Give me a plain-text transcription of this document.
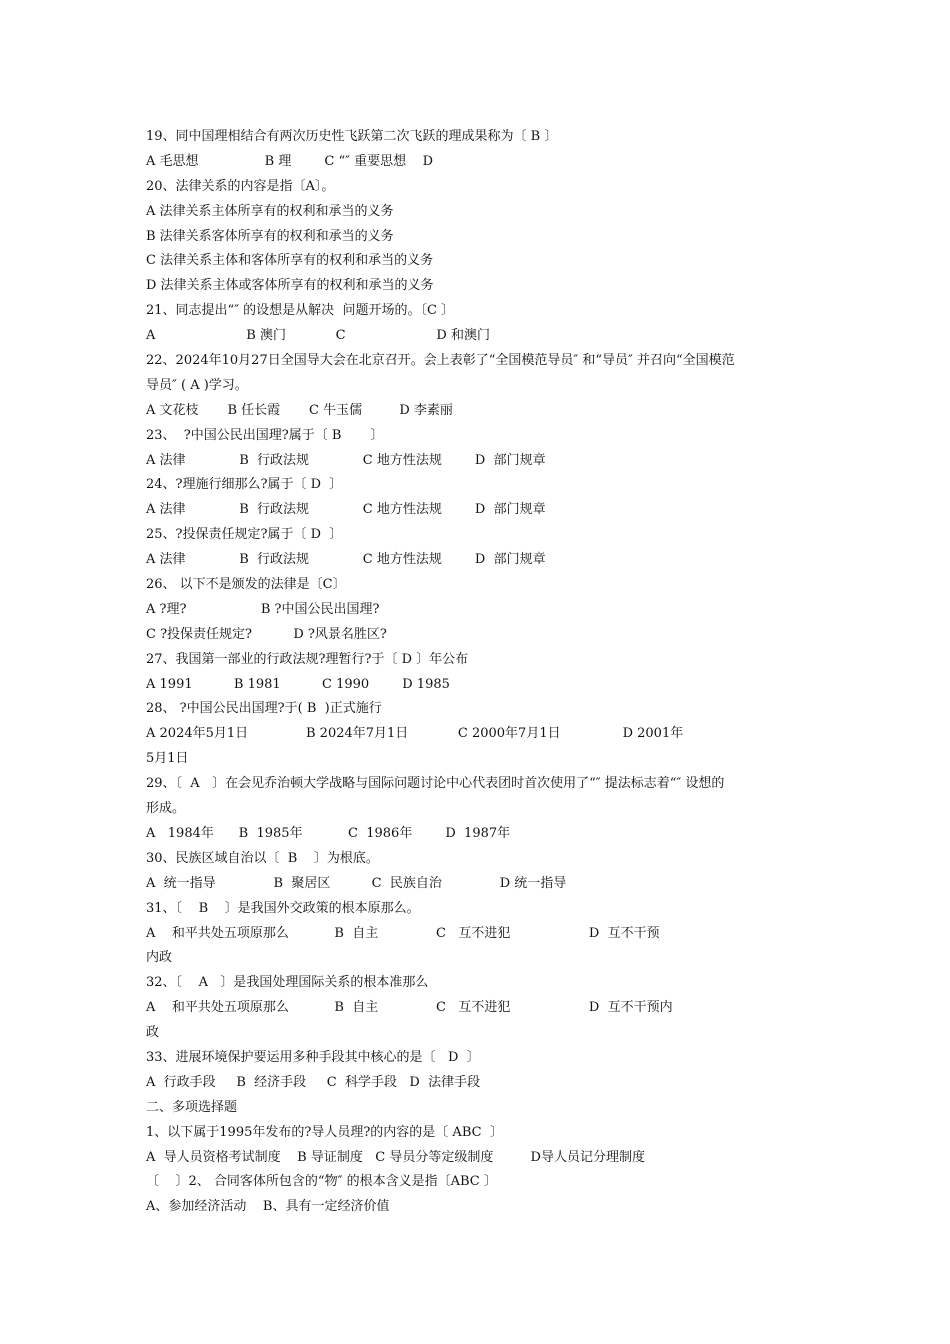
19、同中国理相结合有两次历史性飞跃第二次飞跃的理成果称为〔 B 〕
A 毛思想                B 理        C “″ 重要思想    D
20、法律关系的内容是指〔A〕。
A 法律关系主体所享有的权利和承当的义务
B 法律关系客体所享有的权利和承当的义务
C 法律关系主体和客体所享有的权利和承当的义务
D 法律关系主体或客体所享有的权利和承当的义务
21、同志提出“″ 的设想是从解决  问题开场的。〔C 〕
A                      B 澳门            C                      D 和澳门
22、2024年10月27日全国导大会在北京召开。会上表彰了“全国模范导员″ 和“导员″ 并召向“全国模范
导员″ ( A )学习。
A 文花枝       B 任长霞       C 牛玉儒         D 李素丽
23、  ?中国公民出国理?属于〔 B       〕
A 法律             B  行政法规             C 地方性法规        D  部门规章
24、?理施行细那么?属于〔 D  〕
A 法律             B  行政法规             C 地方性法规        D  部门规章
25、?投保责任规定?属于〔 D  〕
A 法律             B  行政法规             C 地方性法规        D  部门规章
26、 以下不是颁发的法律是〔C〕
A ?理?                  B ?中国公民出国理?
C ?投保责任规定?          D ?风景名胜区?
27、我国第一部业的行政法规?理暂行?于〔 D 〕年公布
A 1991          B 1981          C 1990        D 1985
28、 ?中国公民出国理?于( B  )正式施行
A 2024年5月1日              B 2024年7月1日            C 2000年7月1日               D 2001年
5月1日
29、〔  A   〕在会见乔治顿大学战略与国际问题讨论中心代表团时首次使用了“″ 提法标志着“″ 设想的
形成。
A   1984年      B  1985年           C  1986年        D  1987年
30、民族区域自治以〔  B    〕为根底。
A  统一指导              B  聚居区          C  民族自治              D 统一指导
31、〔    B    〕是我国外交政策的根本原那么。
A    和平共处五项原那么           B  自主              C   互不进犯                   D  互不干预
内政
32、〔    A   〕是我国处理国际关系的根本准那么
A    和平共处五项原那么           B  自主              C   互不进犯                   D  互不干预内
政
33、进展环境保护要运用多种手段其中核心的是〔   D  〕
A  行政手段     B  经济手段     C  科学手段   D  法律手段
二、多项选择题
1、以下属于1995年发布的?导人员理?的内容的是〔 ABC  〕
A  导人员资格考试制度    B 导证制度   C 导员分等定级制度         D导人员记分理制度
〔    〕2、 合同客体所包含的“物″ 的根本含义是指〔ABC 〕
A、参加经济活动    B、具有一定经济价值
